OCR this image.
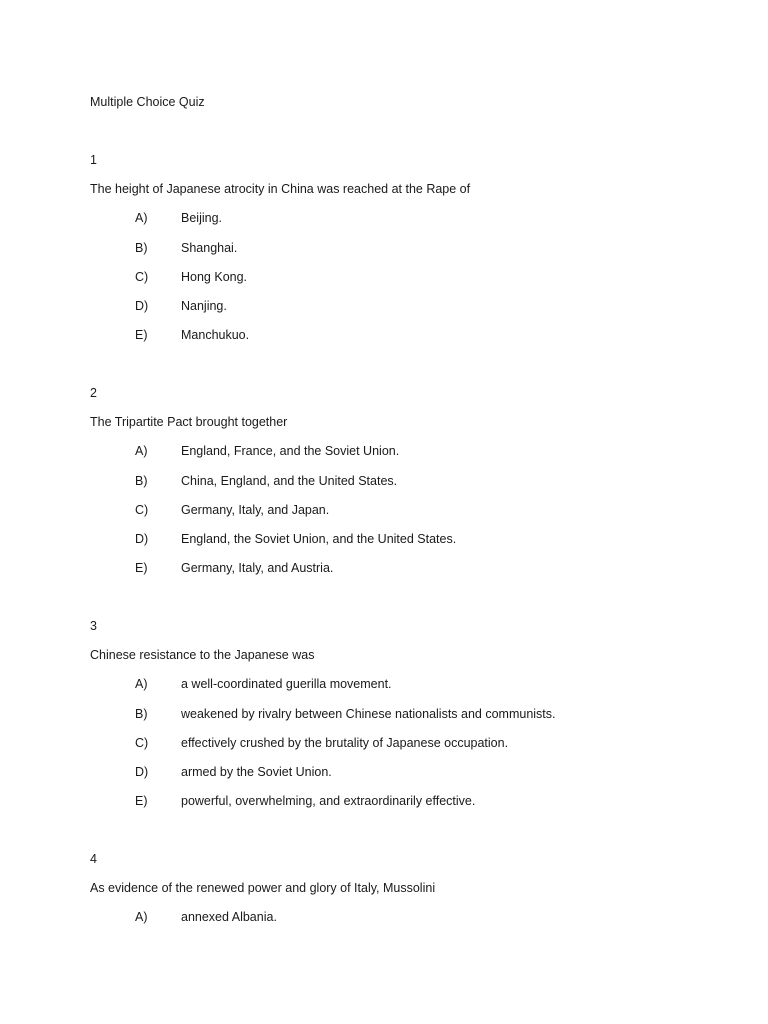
Multiple Choice Quiz
1
The height of Japanese atrocity in China was reached at the Rape of
A)	Beijing.
B)	Shanghai.
C)	Hong Kong.
D)	Nanjing.
E)	Manchukuo.
2
The Tripartite Pact brought together
A)	England, France, and the Soviet Union.
B)	China, England, and the United States.
C)	Germany, Italy, and Japan.
D)	England, the Soviet Union, and the United States.
E)	Germany, Italy, and Austria.
3
Chinese resistance to the Japanese was
A)	a well-coordinated guerilla movement.
B)	weakened by rivalry between Chinese nationalists and communists.
C)	effectively crushed by the brutality of Japanese occupation.
D)	armed by the Soviet Union.
E)	powerful, overwhelming, and extraordinarily effective.
4
As evidence of the renewed power and glory of Italy, Mussolini
A)	annexed Albania.
